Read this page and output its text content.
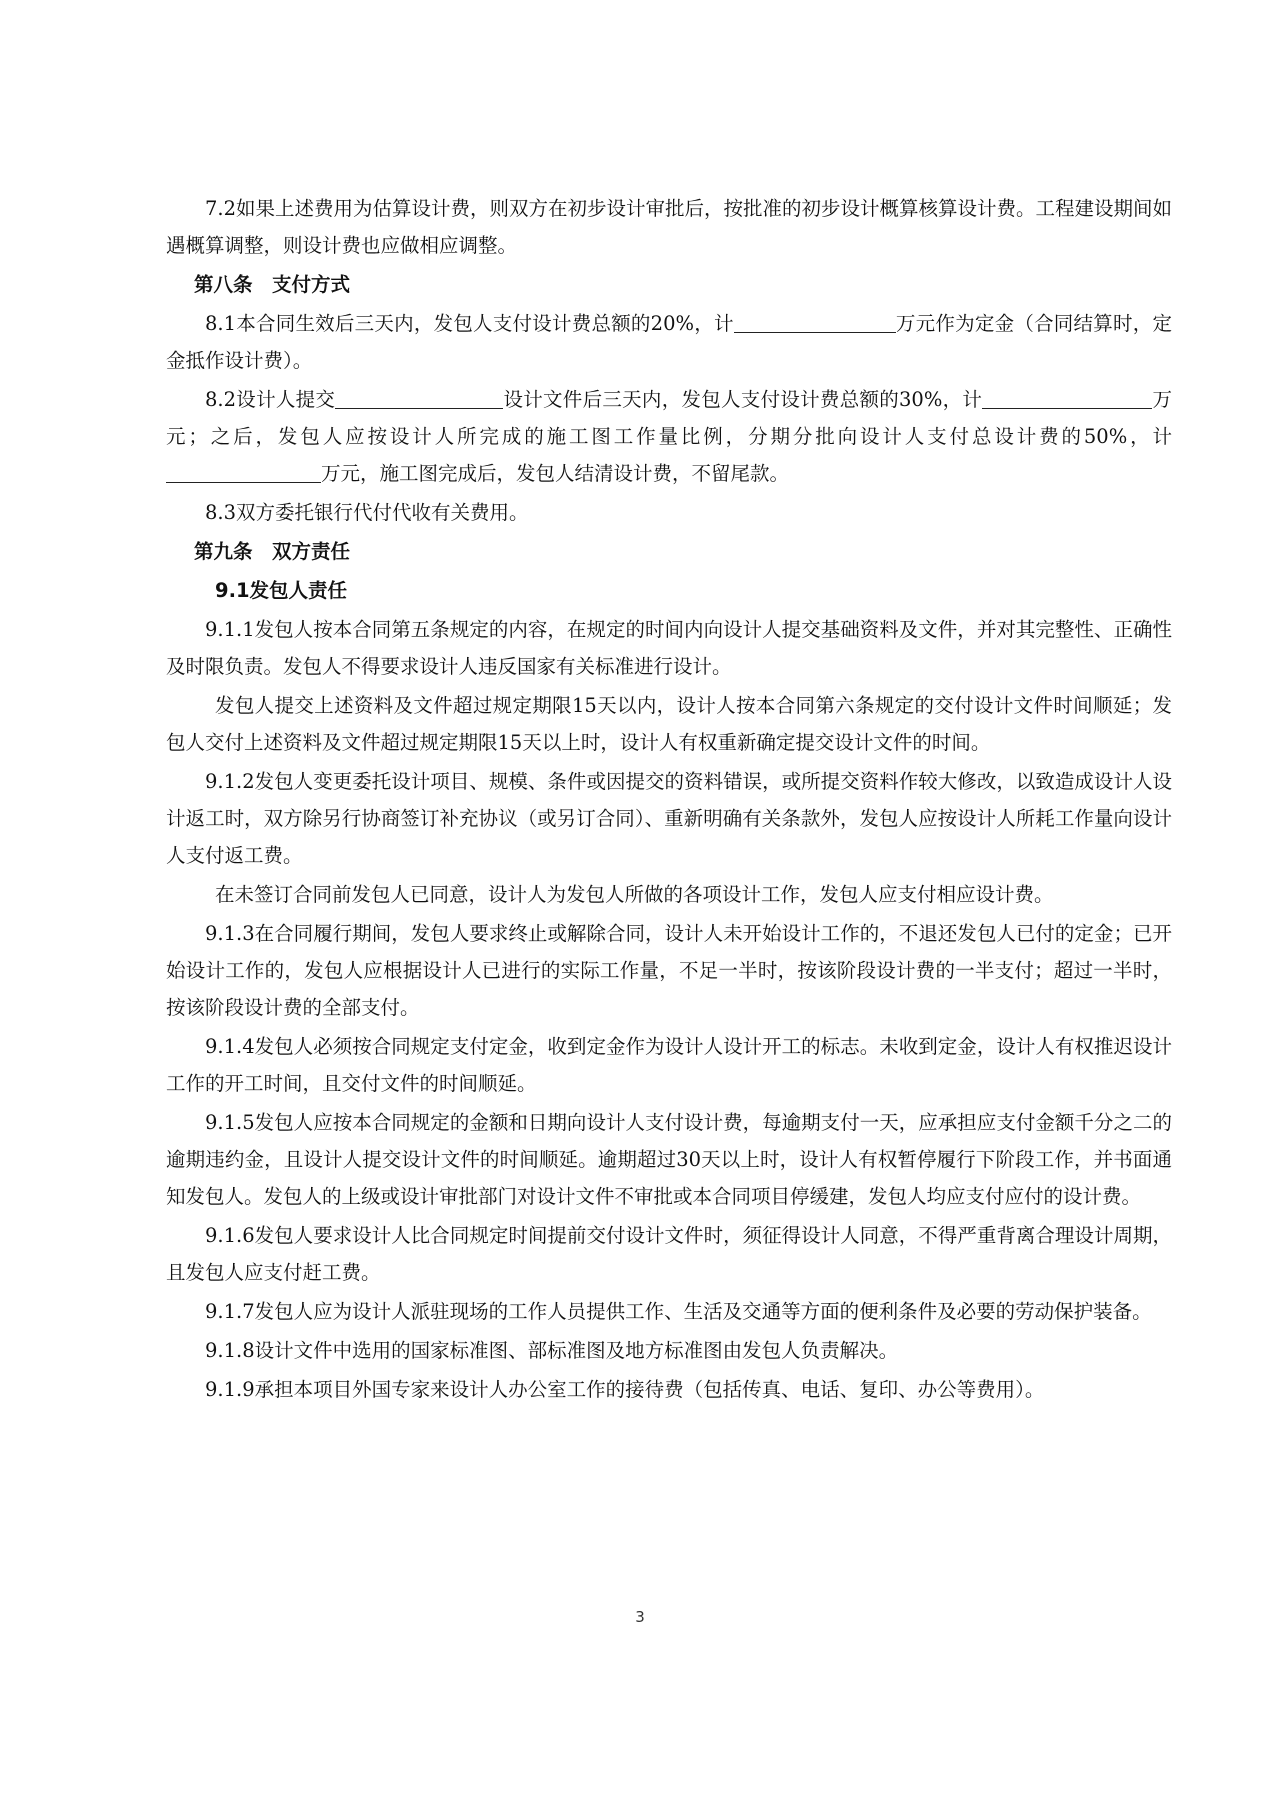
7.2如果上述费用为估算设计费，则双方在初步设计审批后，按批准的初步设计概算核算设计费。工程建设期间如遇概算调整，则设计费也应做相应调整。

第八条　支付方式

8.1本合同生效后三天内，发包人支付设计费总额的20%，计	万元作为定金（合同结算时，定金抵作设计费）。

8.2设计人提交	设计文件后三天内，发包人支付设计费总额的30%，计	万元；之后，发包人应按设计人所完成的施工图工作量比例，分期分批向设计人支付总设计费的50%，计万元，施工图完成后，发包人结清设计费，不留尾款。

8.3双方委托银行代付代收有关费用。

第九条　双方责任
9.1发包人责任

9.1.1发包人按本合同第五条规定的内容，在规定的时间内向设计人提交基础资料及文件，并对其完整性、正确性及时限负责。发包人不得要求设计人违反国家有关标准进行设计。

发包人提交上述资料及文件超过规定期限15天以内，设计人按本合同第六条规定的交付设计文件时间顺延；发包人交付上述资料及文件超过规定期限15天以上时，设计人有权重新确定提交设计文件的时间。

9.1.2发包人变更委托设计项目、规模、条件或因提交的资料错误，或所提交资料作较大修改，以致造成设计人设计返工时，双方除另行协商签订补充协议（或另订合同）、重新明确有关条款外，发包人应按设计人所耗工作量向设计人支付返工费。

在未签订合同前发包人已同意，设计人为发包人所做的各项设计工作，发包人应支付相应设计费。

9.1.3在合同履行期间，发包人要求终止或解除合同，设计人未开始设计工作的，不退还发包人已付的定金；已开始设计工作的，发包人应根据设计人已进行的实际工作量，不足一半时，按该阶段设计费的一半支付；超过一半时，按该阶段设计费的全部支付。

9.1.4发包人必须按合同规定支付定金，收到定金作为设计人设计开工的标志。未收到定金，设计人有权推迟设计工作的开工时间，且交付文件的时间顺延。

9.1.5发包人应按本合同规定的金额和日期向设计人支付设计费，每逾期支付一天，应承担应支付金额千分之二的逾期违约金，且设计人提交设计文件的时间顺延。逾期超过30天以上时，设计人有权暂停履行下阶段工作，并书面通知发包人。发包人的上级或设计审批部门对设计文件不审批或本合同项目停缓建，发包人均应支付应付的设计费。

9.1.6发包人要求设计人比合同规定时间提前交付设计文件时，须征得设计人同意，不得严重背离合理设计周期，且发包人应支付赶工费。

9.1.7发包人应为设计人派驻现场的工作人员提供工作、生活及交通等方面的便利条件及必要的劳动保护装备。

9.1.8设计文件中选用的国家标准图、部标准图及地方标准图由发包人负责解决。

9.1.9承担本项目外国专家来设计人办公室工作的接待费（包括传真、电话、复印、办公等费用）。

3
